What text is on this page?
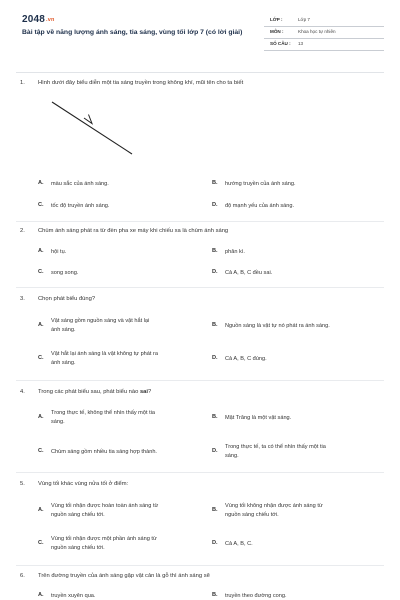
2048.vn
Bài tập về năng lượng ánh sáng, tia sáng, vùng tối lớp 7 (có lời giải)
LỚP :	Lớp 7
MÔN :	Khoa học tự nhiên
SỐ CÂU : 13
1. Hình dưới đây biểu diễn một tia sáng truyền trong không khí, mũi tên cho ta biết
A. màu sắc của ánh sáng.	B. hướng truyền của ánh sáng.
C. tốc độ truyền ánh sáng.	D. độ mạnh yếu của ánh sáng.
2. Chùm ánh sáng phát ra từ đèn pha xe máy khi chiếu xa là chùm ánh sáng
A. hội tụ.	B. phân kì.
C. song song.	D. Cả A, B, C đều sai.
3. Chọn phát biểu đúng?
A.
Vật sáng gồm nguồn sáng và vật hắt lại
ánh sáng.
B. Nguồn sáng là vật tự nó phát ra ánh sáng.
C.
Vật hắt lại ánh sáng là vật không tự phát ra
ánh sáng.
D. Cả A, B, C đúng.
4. Trong các phát biểu sau, phát biểu nào sai?
A.
Trong thực tế, không thể nhìn thấy một tia
sáng.
B. Mặt Trăng là một vật sáng.
C. Chùm sáng gồm nhiều tia sáng hợp thành.	D.
Trong thực tế, ta có thể nhìn thấy một tia
sáng.
5. Vùng tối khác vùng nửa tối ở điểm:
A.
Vùng tối nhận được hoàn toàn ánh sáng từ
nguồn sáng chiếu tới.
B.
Vùng tối không nhận được ánh sáng từ
nguồn sáng chiếu tới.
C.
Vùng tối nhận được một phần ánh sáng từ
nguồn sáng chiếu tới.
D. Cả A, B, C.
6. Trên đường truyền của ánh sáng gặp vật cản là gỗ thì ánh sáng sẽ
A. truyền xuyên qua.	B. truyền theo đường cong.
